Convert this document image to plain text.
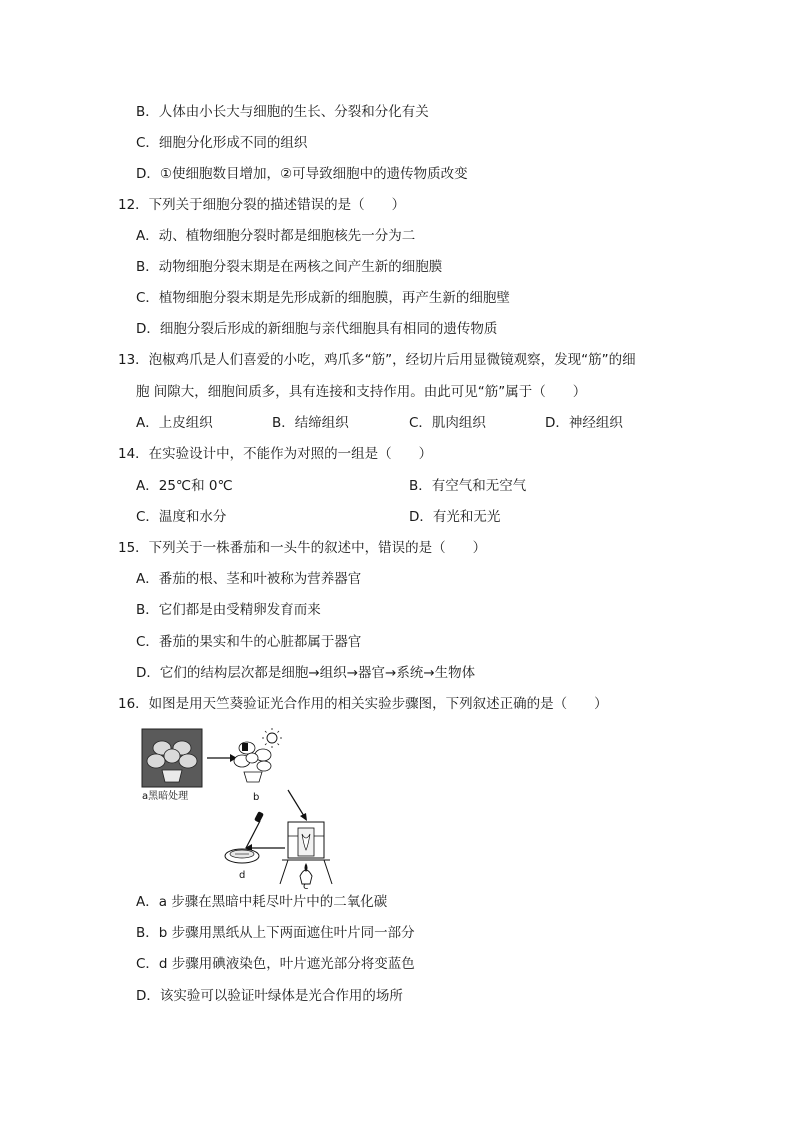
B．人体由小长大与细胞的生长、分裂和分化有关
C．细胞分化形成不同的组织
D．①使细胞数目增加，②可导致细胞中的遗传物质改变
12．下列关于细胞分裂的描述错误的是（　　）
A．动、植物细胞分裂时都是细胞核先一分为二
B．动物细胞分裂末期是在两核之间产生新的细胞膜
C．植物细胞分裂末期是先形成新的细胞膜，再产生新的细胞壁
D．细胞分裂后形成的新细胞与亲代细胞具有相同的遗传物质
13．泡椒鸡爪是人们喜爱的小吃，鸡爪多“筋”，经切片后用显微镜观察，发现“筋”的细
胞 间隙大，细胞间质多，具有连接和支持作用。由此可见“筋”属于（　　）
A．上皮组织	B．结缔组织	C．肌肉组织	D．神经组织
14．在实验设计中，不能作为对照的一组是（　　）
A．25℃和 0℃	B．有空气和无空气
C．温度和水分	D．有光和无光
15．下列关于一株番茄和一头牛的叙述中，错误的是（　　）
A．番茄的根、茎和叶被称为营养器官
B．它们都是由受精卵发育而来
C．番茄的果实和牛的心脏都属于器官
D．它们的结构层次都是细胞→组织→器官→系统→生物体
16．如图是用天竺葵验证光合作用的相关实验步骤图，下列叙述正确的是（　　）
a黑暗处理	b
c
d
A．a 步骤在黑暗中耗尽叶片中的二氧化碳
B．b 步骤用黑纸从上下两面遮住叶片同一部分
C．d 步骤用碘液染色，叶片遮光部分将变蓝色
D．该实验可以验证叶绿体是光合作用的场所
